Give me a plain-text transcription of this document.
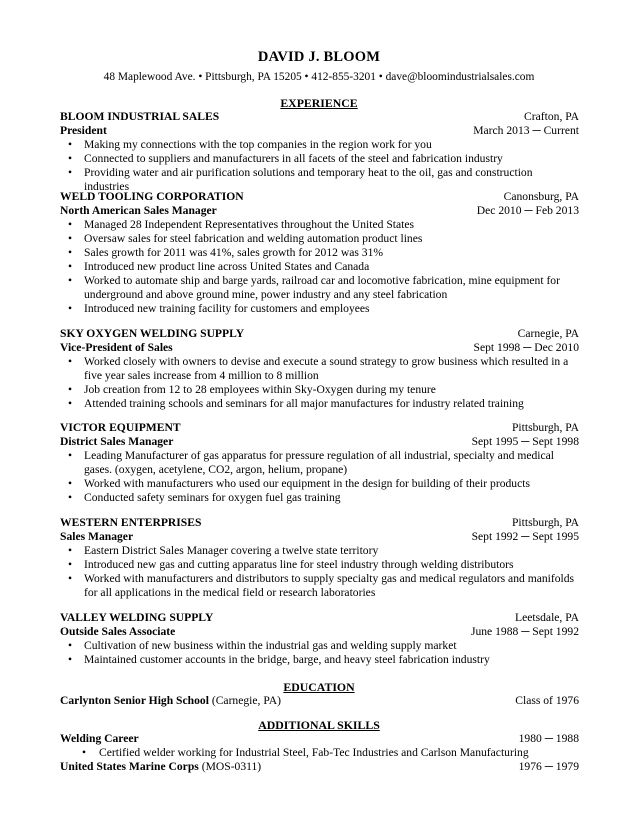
DAVID J. BLOOM
48 Maplewood Ave. • Pittsburgh, PA 15205 • 412-855-3201 • dave@bloomindustrialsales.com
EXPERIENCE
BLOOM INDUSTRIAL SALES	Crafton, PA
President	March 2013 ─ Current
• Making my connections with the top companies in the region work for you
• Connected to suppliers and manufacturers in all facets of the steel and fabrication industry
• Providing water and air purification solutions and temporary heat to the oil, gas and construction industries
WELD TOOLING CORPORATION	Canonsburg, PA
North American Sales Manager	Dec 2010 ─ Feb 2013
• Managed 28 Independent Representatives throughout the United States
• Oversaw sales for steel fabrication and welding automation product lines
• Sales growth for 2011 was 41%, sales growth for 2012 was 31%
• Introduced new product line across United States and Canada
• Worked to automate ship and barge yards, railroad car and locomotive fabrication, mine equipment for underground and above ground mine, power industry and any steel fabrication
• Introduced new training facility for customers and employees
SKY OXYGEN WELDING SUPPLY	Carnegie, PA
Vice-President of Sales	Sept 1998 ─ Dec 2010
• Worked closely with owners to devise and execute a sound strategy to grow business which resulted in a five year sales increase from 4 million to 8 million
• Job creation from 12 to 28 employees within Sky-Oxygen during my tenure
• Attended training schools and seminars for all major manufactures for industry related training
VICTOR EQUIPMENT	Pittsburgh, PA
District Sales Manager	Sept 1995 ─ Sept 1998
• Leading Manufacturer of gas apparatus for pressure regulation of all industrial, specialty and medical gases. (oxygen, acetylene, CO2, argon, helium, propane)
• Worked with manufacturers who used our equipment in the design for building of their products
• Conducted safety seminars for oxygen fuel gas training
WESTERN ENTERPRISES	Pittsburgh, PA
Sales Manager	Sept 1992 ─ Sept 1995
• Eastern District Sales Manager covering a twelve state territory
• Introduced new gas and cutting apparatus line for steel industry through welding distributors
• Worked with manufacturers and distributors to supply specialty gas and medical regulators and manifolds for all applications in the medical field or research laboratories
VALLEY WELDING SUPPLY	Leetsdale, PA
Outside Sales Associate	June 1988 ─ Sept 1992
• Cultivation of new business within the industrial gas and welding supply market
• Maintained customer accounts in the bridge, barge, and heavy steel fabrication industry
EDUCATION
Carlynton Senior High School (Carnegie, PA)	Class of 1976
ADDITIONAL SKILLS
Welding Career	1980 ─ 1988
• Certified welder working for Industrial Steel, Fab-Tec Industries and Carlson Manufacturing
United States Marine Corps (MOS-0311)	1976 ─ 1979
